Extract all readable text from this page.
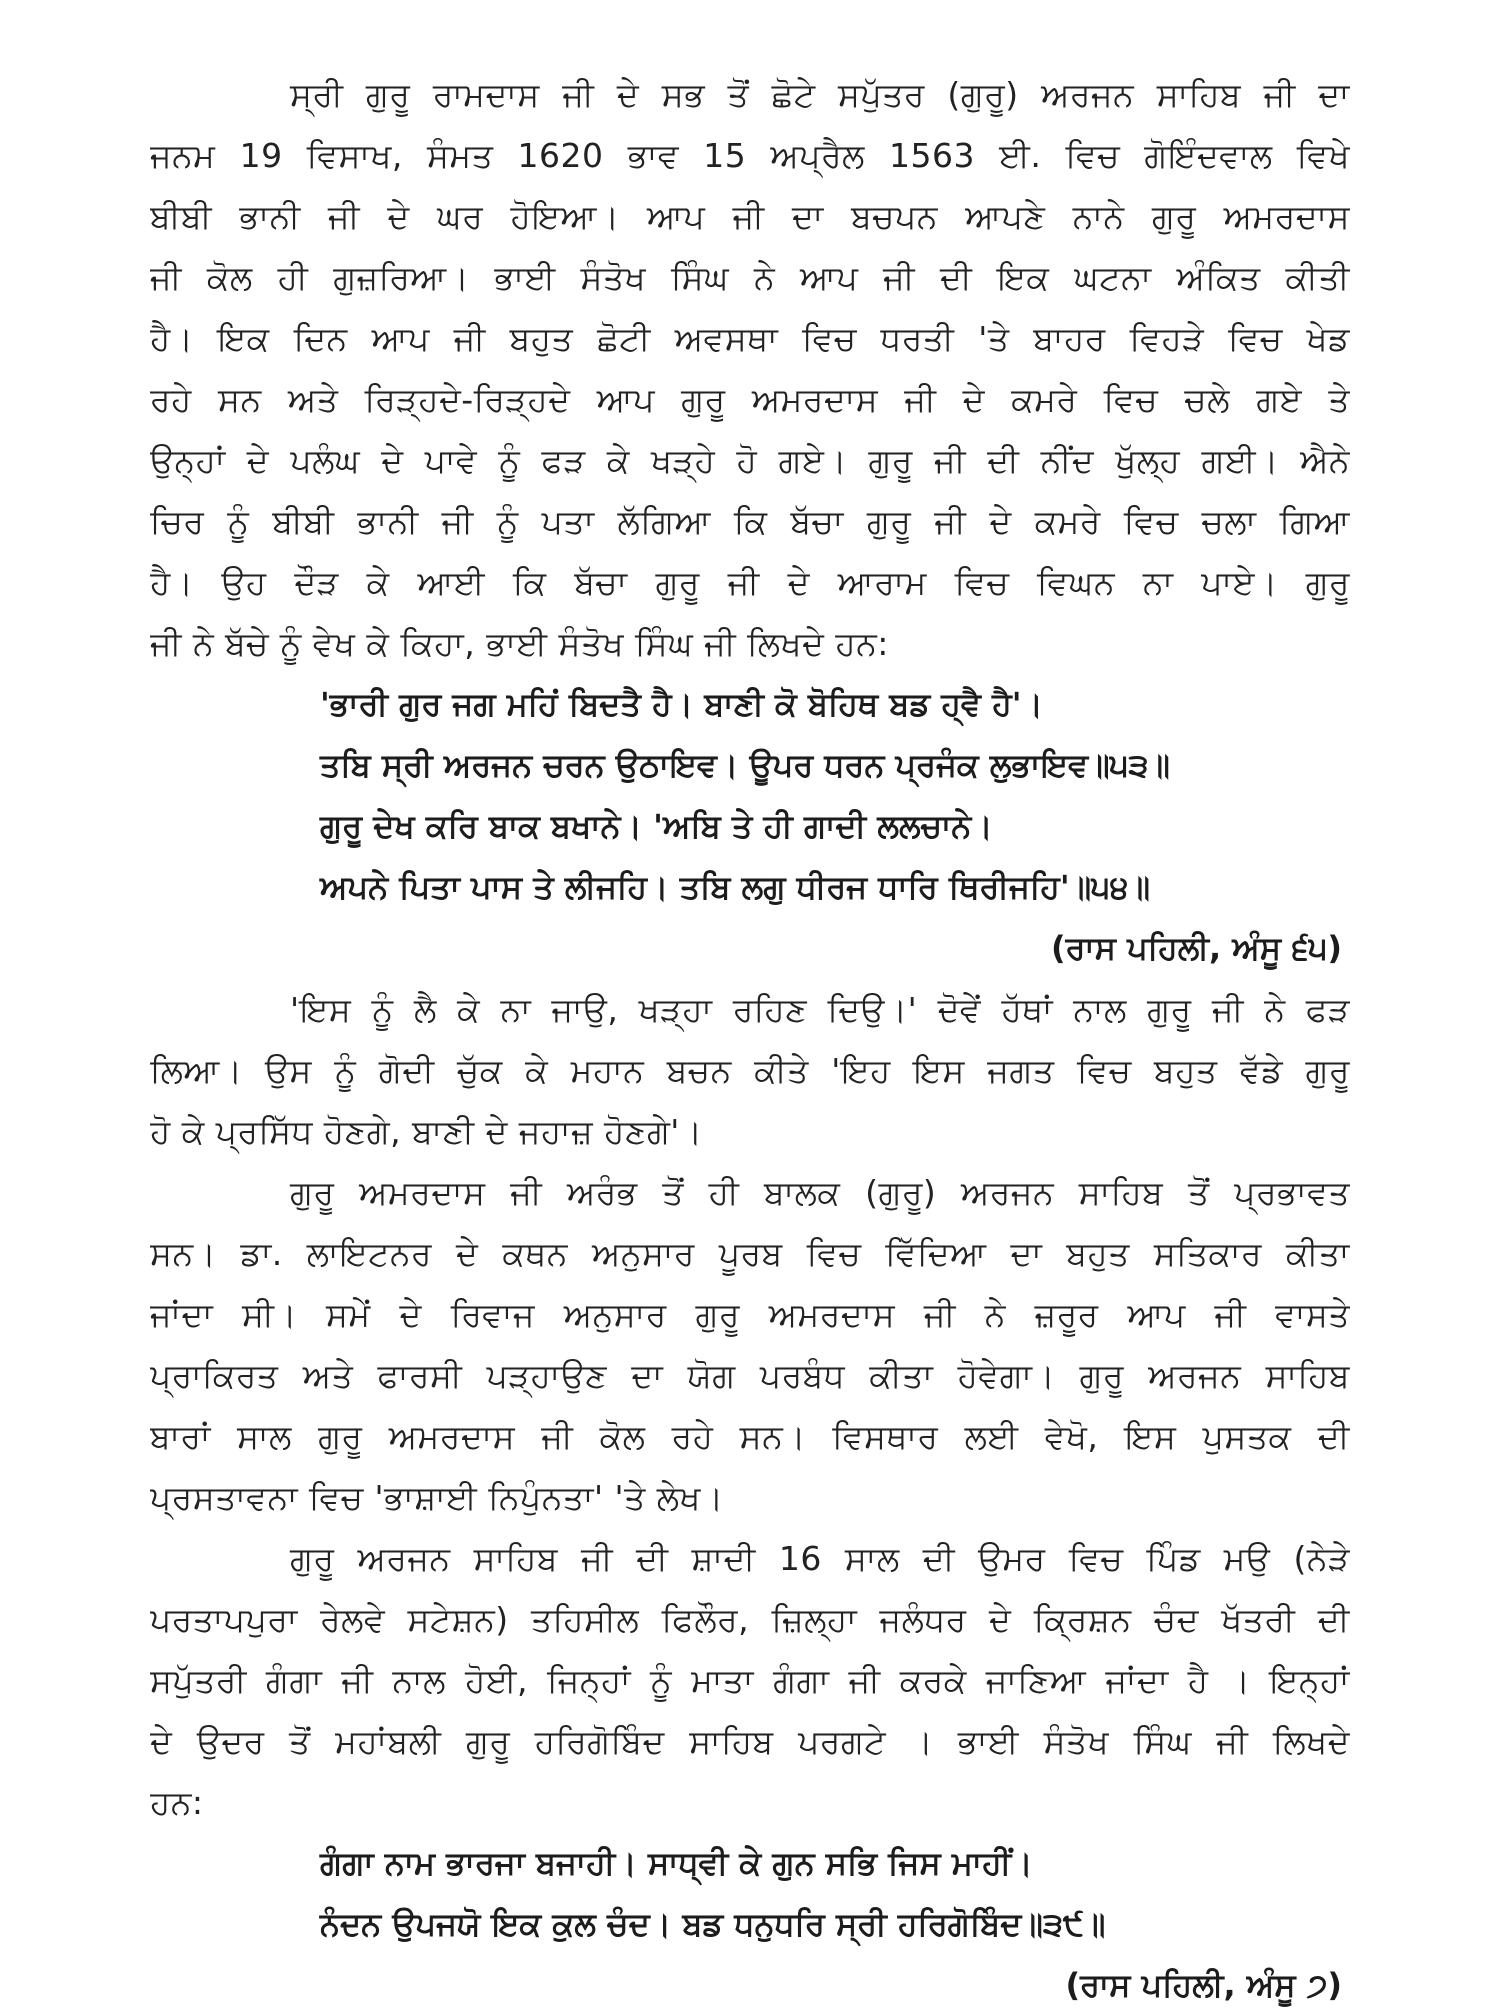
ਸ੍ਰੀ ਗੁਰੂ ਰਾਮਦਾਸ ਜੀ ਦੇ ਸਭ ਤੋਂ ਛੋਟੇ ਸਪੁੱਤਰ (ਗੁਰੂ) ਅਰਜਨ ਸਾਹਿਬ ਜੀ ਦਾ
ਜਨਮ 19 ਵਿਸਾਖ, ਸੰਮਤ 1620 ਭਾਵ 15 ਅਪ੍ਰੈਲ 1563 ਈ. ਵਿਚ ਗੋਇੰਦਵਾਲ ਵਿਖੇ
ਬੀਬੀ ਭਾਨੀ ਜੀ ਦੇ ਘਰ ਹੋਇਆ। ਆਪ ਜੀ ਦਾ ਬਚਪਨ ਆਪਣੇ ਨਾਨੇ ਗੁਰੂ ਅਮਰਦਾਸ
ਜੀ ਕੋਲ ਹੀ ਗੁਜ਼ਰਿਆ। ਭਾਈ ਸੰਤੋਖ ਸਿੰਘ ਨੇ ਆਪ ਜੀ ਦੀ ਇਕ ਘਟਨਾ ਅੰਕਿਤ ਕੀਤੀ
ਹੈ। ਇਕ ਦਿਨ ਆਪ ਜੀ ਬਹੁਤ ਛੋਟੀ ਅਵਸਥਾ ਵਿਚ ਧਰਤੀ 'ਤੇ ਬਾਹਰ ਵਿਹੜੇ ਵਿਚ ਖੇਡ
ਰਹੇ ਸਨ ਅਤੇ ਰਿੜ੍ਹਦੇ-ਰਿੜ੍ਹਦੇ ਆਪ ਗੁਰੂ ਅਮਰਦਾਸ ਜੀ ਦੇ ਕਮਰੇ ਵਿਚ ਚਲੇ ਗਏ ਤੇ
ਉਨ੍ਹਾਂ ਦੇ ਪਲੰਘ ਦੇ ਪਾਵੇ ਨੂੰ ਫੜ ਕੇ ਖੜ੍ਹੇ ਹੋ ਗਏ। ਗੁਰੂ ਜੀ ਦੀ ਨੀਂਦ ਖੁੱਲ੍ਹ ਗਈ। ਐਨੇ
ਚਿਰ ਨੂੰ ਬੀਬੀ ਭਾਨੀ ਜੀ ਨੂੰ ਪਤਾ ਲੱਗਿਆ ਕਿ ਬੱਚਾ ਗੁਰੂ ਜੀ ਦੇ ਕਮਰੇ ਵਿਚ ਚਲਾ ਗਿਆ
ਹੈ। ਉਹ ਦੌੜ ਕੇ ਆਈ ਕਿ ਬੱਚਾ ਗੁਰੂ ਜੀ ਦੇ ਆਰਾਮ ਵਿਚ ਵਿਘਨ ਨਾ ਪਾਏ। ਗੁਰੂ
ਜੀ ਨੇ ਬੱਚੇ ਨੂੰ ਵੇਖ ਕੇ ਕਿਹਾ, ਭਾਈ ਸੰਤੋਖ ਸਿੰਘ ਜੀ ਲਿਖਦੇ ਹਨ:
'ਭਾਰੀ ਗੁਰ ਜਗ ਮਹਿਂ ਬਿਦਤੈ ਹੈ। ਬਾਣੀ ਕੋ ਬੋਹਿਥ ਬਡ ਹ੍ਵੈ ਹੈ'।
ਤਬਿ ਸ੍ਰੀ ਅਰਜਨ ਚਰਨ ਉਠਾਇਵ। ਊਪਰ ਧਰਨ ਪ੍ਰਜੰਕ ਲੁਭਾਇਵ॥੫੩॥
ਗੁਰੂ ਦੇਖ ਕਰਿ ਬਾਕ ਬਖਾਨੇ। 'ਅਬਿ ਤੇ ਹੀ ਗਾਦੀ ਲਲਚਾਨੇ।
ਅਪਨੇ ਪਿਤਾ ਪਾਸ ਤੇ ਲੀਜਹਿ। ਤਬਿ ਲਗੁ ਧੀਰਜ ਧਾਰਿ ਥਿਰੀਜਹਿ'॥੫੪॥
(ਰਾਸ ਪਹਿਲੀ, ਅੰਸੂ ੬੫)
'ਇਸ ਨੂੰ ਲੈ ਕੇ ਨਾ ਜਾਉ, ਖੜ੍ਹਾ ਰਹਿਣ ਦਿਉ।' ਦੋਵੇਂ ਹੱਥਾਂ ਨਾਲ ਗੁਰੂ ਜੀ ਨੇ ਫੜ
ਲਿਆ। ਉਸ ਨੂੰ ਗੋਦੀ ਚੁੱਕ ਕੇ ਮਹਾਨ ਬਚਨ ਕੀਤੇ 'ਇਹ ਇਸ ਜਗਤ ਵਿਚ ਬਹੁਤ ਵੱਡੇ ਗੁਰੂ
ਹੋ ਕੇ ਪ੍ਰਸਿੱਧ ਹੋਣਗੇ, ਬਾਣੀ ਦੇ ਜਹਾਜ਼ ਹੋਣਗੇ'।
ਗੁਰੂ ਅਮਰਦਾਸ ਜੀ ਅਰੰਭ ਤੋਂ ਹੀ ਬਾਲਕ (ਗੁਰੂ) ਅਰਜਨ ਸਾਹਿਬ ਤੋਂ ਪ੍ਰਭਾਵਤ
ਸਨ। ਡਾ. ਲਾਇਟਨਰ ਦੇ ਕਥਨ ਅਨੁਸਾਰ ਪੂਰਬ ਵਿਚ ਵਿੱਦਿਆ ਦਾ ਬਹੁਤ ਸਤਿਕਾਰ ਕੀਤਾ
ਜਾਂਦਾ ਸੀ। ਸਮੇਂ ਦੇ ਰਿਵਾਜ ਅਨੁਸਾਰ ਗੁਰੂ ਅਮਰਦਾਸ ਜੀ ਨੇ ਜ਼ਰੂਰ ਆਪ ਜੀ ਵਾਸਤੇ
ਪ੍ਰਾਕਿਰਤ ਅਤੇ ਫਾਰਸੀ ਪੜ੍ਹਾਉਣ ਦਾ ਯੋਗ ਪਰਬੰਧ ਕੀਤਾ ਹੋਵੇਗਾ। ਗੁਰੂ ਅਰਜਨ ਸਾਹਿਬ
ਬਾਰਾਂ ਸਾਲ ਗੁਰੂ ਅਮਰਦਾਸ ਜੀ ਕੋਲ ਰਹੇ ਸਨ। ਵਿਸਥਾਰ ਲਈ ਵੇਖੋ, ਇਸ ਪੁਸਤਕ ਦੀ
ਪ੍ਰਸਤਾਵਨਾ ਵਿਚ 'ਭਾਸ਼ਾਈ ਨਿਪੁੰਨਤਾ' 'ਤੇ ਲੇਖ।
ਗੁਰੂ ਅਰਜਨ ਸਾਹਿਬ ਜੀ ਦੀ ਸ਼ਾਦੀ 16 ਸਾਲ ਦੀ ਉਮਰ ਵਿਚ ਪਿੰਡ ਮਉ (ਨੇੜੇ
ਪਰਤਾਪਪੁਰਾ ਰੇਲਵੇ ਸਟੇਸ਼ਨ) ਤਹਿਸੀਲ ਫਿਲੌਰ, ਜ਼ਿਲ੍ਹਾ ਜਲੰਧਰ ਦੇ ਕ੍ਰਿਸ਼ਨ ਚੰਦ ਖੱਤਰੀ ਦੀ
ਸਪੁੱਤਰੀ ਗੰਗਾ ਜੀ ਨਾਲ ਹੋਈ, ਜਿਨ੍ਹਾਂ ਨੂੰ ਮਾਤਾ ਗੰਗਾ ਜੀ ਕਰਕੇ ਜਾਣਿਆ ਜਾਂਦਾ ਹੈ । ਇਨ੍ਹਾਂ
ਦੇ ਉਦਰ ਤੋਂ ਮਹਾਂਬਲੀ ਗੁਰੂ ਹਰਿਗੋਬਿੰਦ ਸਾਹਿਬ ਪਰਗਟੇ । ਭਾਈ ਸੰਤੋਖ ਸਿੰਘ ਜੀ ਲਿਖਦੇ
ਹਨ:
ਗੰਗਾ ਨਾਮ ਭਾਰਜਾ ਬਜਾਹੀ। ਸਾਧ੍ਵੀ ਕੇ ਗੁਨ ਸਭਿ ਜਿਸ ਮਾਹੀਂ।
ਨੰਦਨ ਉਪਜਯੋ ਇਕ ਕੁਲ ਚੰਦ। ਬਡ ਧਨੁਧਰਿ ਸ੍ਰੀ ਹਰਿਗੋਬਿੰਦ॥੩੯॥
(ਰਾਸ ਪਹਿਲੀ, ਅੰਸੂ ੭)
